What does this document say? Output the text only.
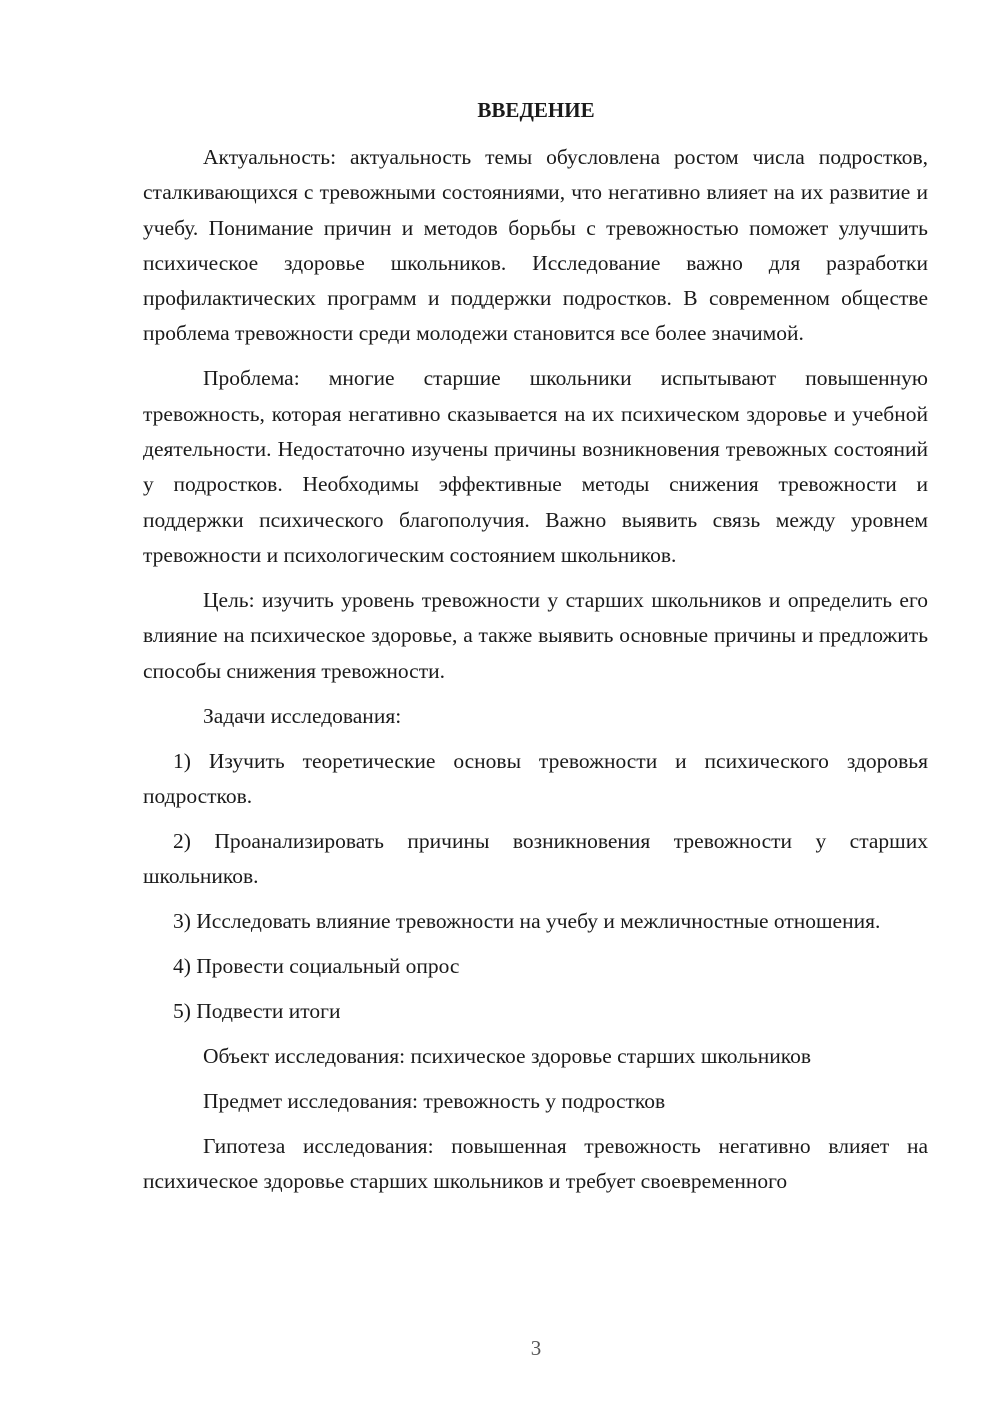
ВВЕДЕНИЕ

Актуальность: актуальность темы обусловлена ростом числа подростков, сталкивающихся с тревожными состояниями, что негативно влияет на их развитие и учебу. Понимание причин и методов борьбы с тревожностью поможет улучшить психическое здоровье школьников. Исследование важно для разработки профилактических программ и поддержки подростков. В современном обществе проблема тревожности среди молодежи становится все более значимой.

Проблема: многие старшие школьники испытывают повышенную тревожность, которая негативно сказывается на их психическом здоровье и учебной деятельности. Недостаточно изучены причины возникновения тревожных состояний у подростков. Необходимы эффективные методы снижения тревожности и поддержки психического благополучия. Важно выявить связь между уровнем тревожности и психологическим состоянием школьников.

Цель: изучить уровень тревожности у старших школьников и определить его влияние на психическое здоровье, а также выявить основные причины и предложить способы снижения тревожности.

Задачи исследования:

1) Изучить теоретические основы тревожности и психического здоровья подростков.

2) Проанализировать причины возникновения тревожности у старших школьников.

3) Исследовать влияние тревожности на учебу и межличностные отношения.

4) Провести социальный опрос

5) Подвести итоги

Объект исследования: психическое здоровье старших школьников

Предмет исследования: тревожность у подростков

Гипотеза исследования: повышенная тревожность негативно влияет на психическое здоровье старших школьников и требует своевременного

3
